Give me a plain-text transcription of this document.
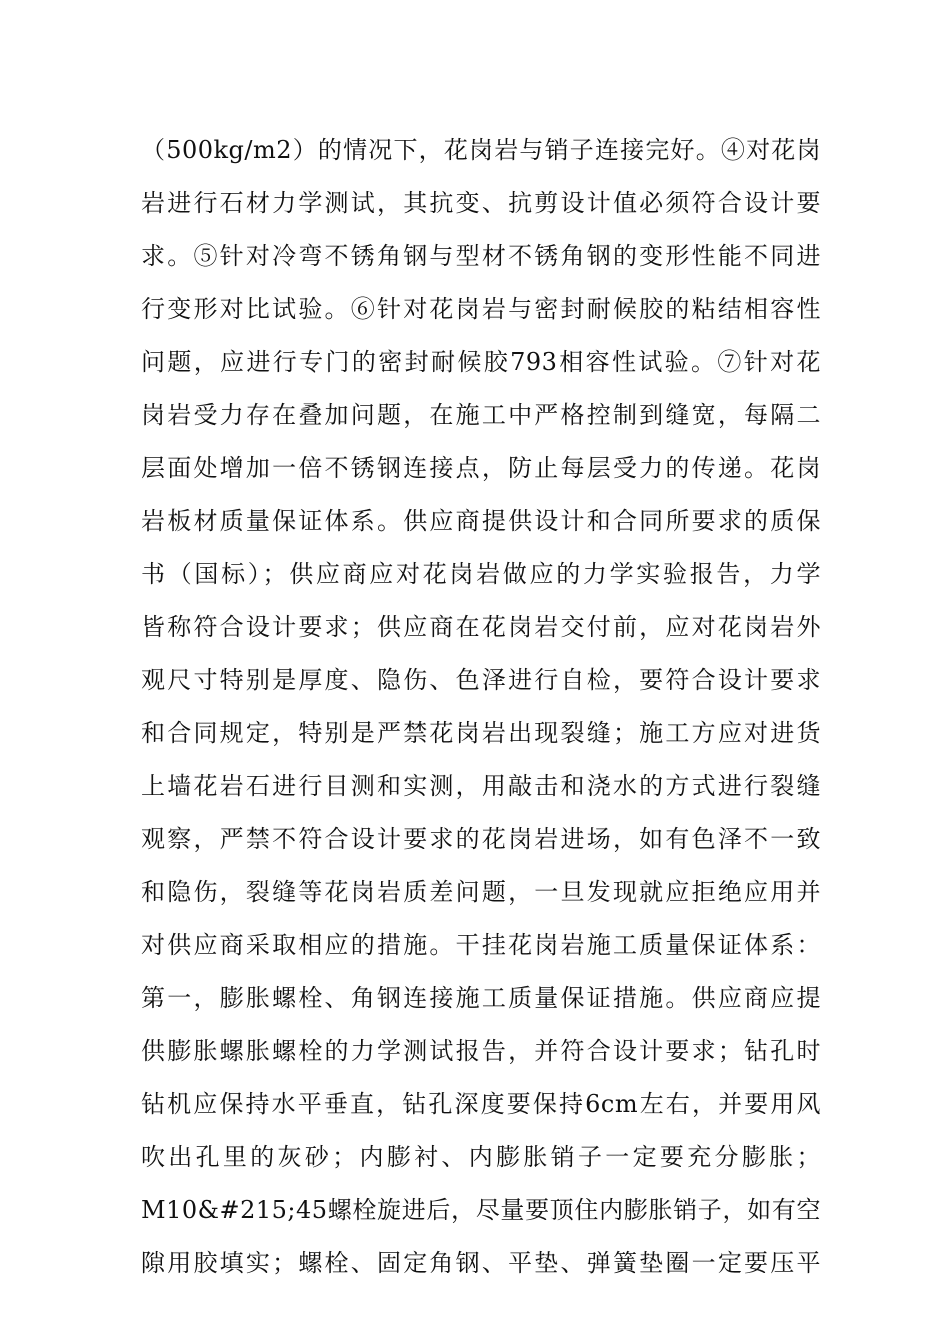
（500kg/m2）的情况下，花岗岩与销子连接完好。④对花岗
岩进行石材力学测试，其抗变、抗剪设计值必须符合设计要
求。⑤针对冷弯不锈角钢与型材不锈角钢的变形性能不同进
行变形对比试验。⑥针对花岗岩与密封耐候胶的粘结相容性
问题，应进行专门的密封耐候胶793相容性试验。⑦针对花
岗岩受力存在叠加问题，在施工中严格控制到缝宽，每隔二
层面处增加一倍不锈钢连接点，防止每层受力的传递。花岗
岩板材质量保证体系。供应商提供设计和合同所要求的质保
书（国标）；供应商应对花岗岩做应的力学实验报告，力学
皆称符合设计要求；供应商在花岗岩交付前，应对花岗岩外
观尺寸特别是厚度、隐伤、色泽进行自检，要符合设计要求
和合同规定，特别是严禁花岗岩出现裂缝；施工方应对进货
上墙花岩石进行目测和实测，用敲击和浇水的方式进行裂缝
观察，严禁不符合设计要求的花岗岩进场，如有色泽不一致
和隐伤，裂缝等花岗岩质差问题，一旦发现就应拒绝应用并
对供应商采取相应的措施。干挂花岗岩施工质量保证体系：
第一，膨胀螺栓、角钢连接施工质量保证措施。供应商应提
供膨胀螺胀螺栓的力学测试报告，并符合设计要求；钻孔时
钻机应保持水平垂直，钻孔深度要保持6cm左右，并要用风
吹出孔里的灰砂；内膨衬、内膨胀销子一定要充分膨胀；
M10&#215;45螺栓旋进后，尽量要顶住内膨胀销子，如有空
隙用胶填实；螺栓、固定角钢、平垫、弹簧垫圈一定要压平
